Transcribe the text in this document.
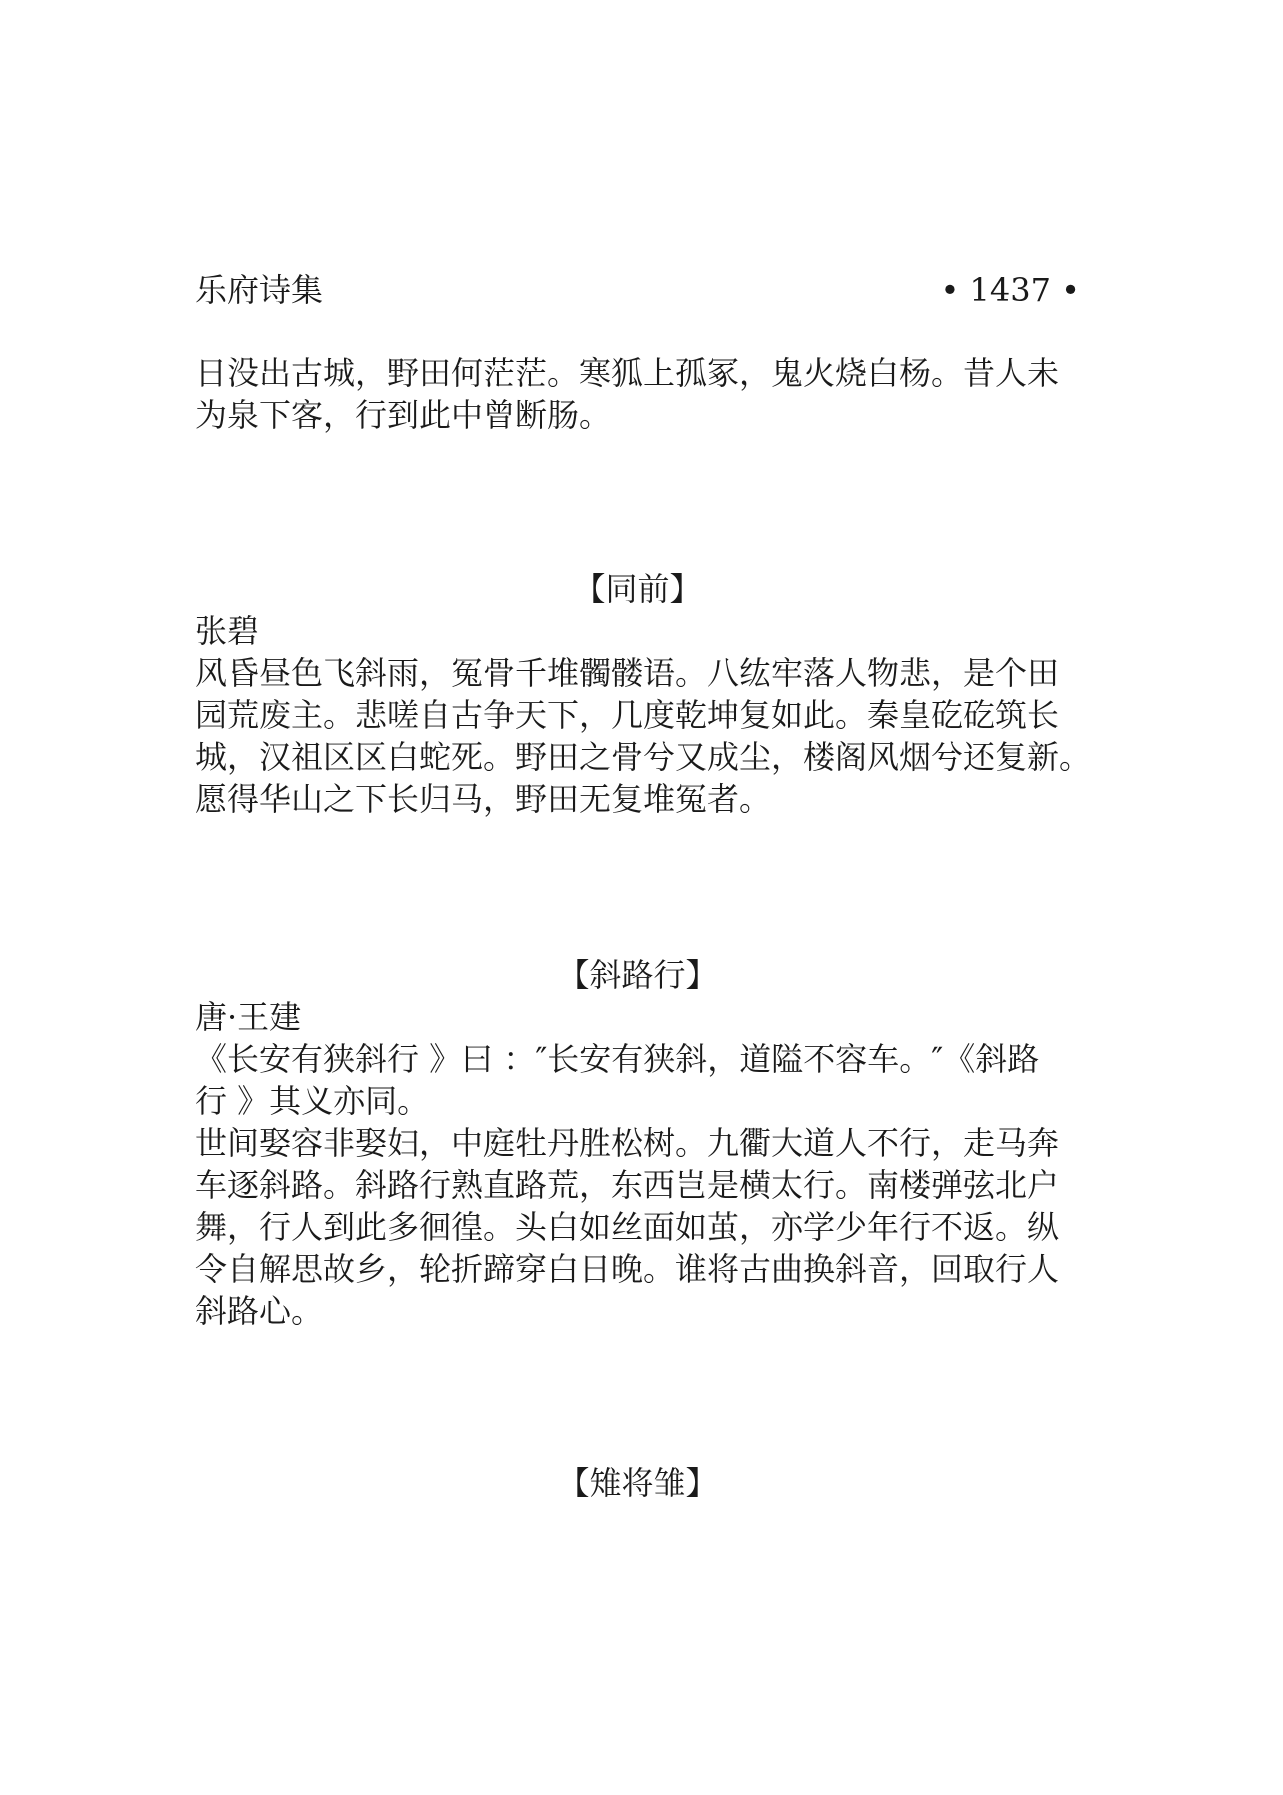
乐府诗集	• 1437 •
日没出古城，野田何茫茫。寒狐上孤冢，鬼火烧白杨。昔人未
为泉下客，行到此中曾断肠。
【同前】
张碧
风昏昼色飞斜雨，冤骨千堆髑髅语。八纮牢落人物悲，是个田
园荒废主。悲嗟自古争天下，几度乾坤复如此。秦皇矻矻筑长
城，汉祖区区白蛇死。野田之骨兮又成尘，楼阁风烟兮还复新。
愿得华山之下长归马，野田无复堆冤者。
【斜路行】
唐·王建
《长安有狭斜行 》曰 ：″长安有狭斜，道隘不容车。″《斜路
行 》其义亦同。
世间娶容非娶妇，中庭牡丹胜松树。九衢大道人不行，走马奔
车逐斜路。斜路行熟直路荒，东西岂是横太行。南楼弹弦北户
舞，行人到此多徊徨。头白如丝面如茧，亦学少年行不返。纵
令自解思故乡，轮折蹄穿白日晚。谁将古曲换斜音，回取行人
斜路心。
【雉将雏】
